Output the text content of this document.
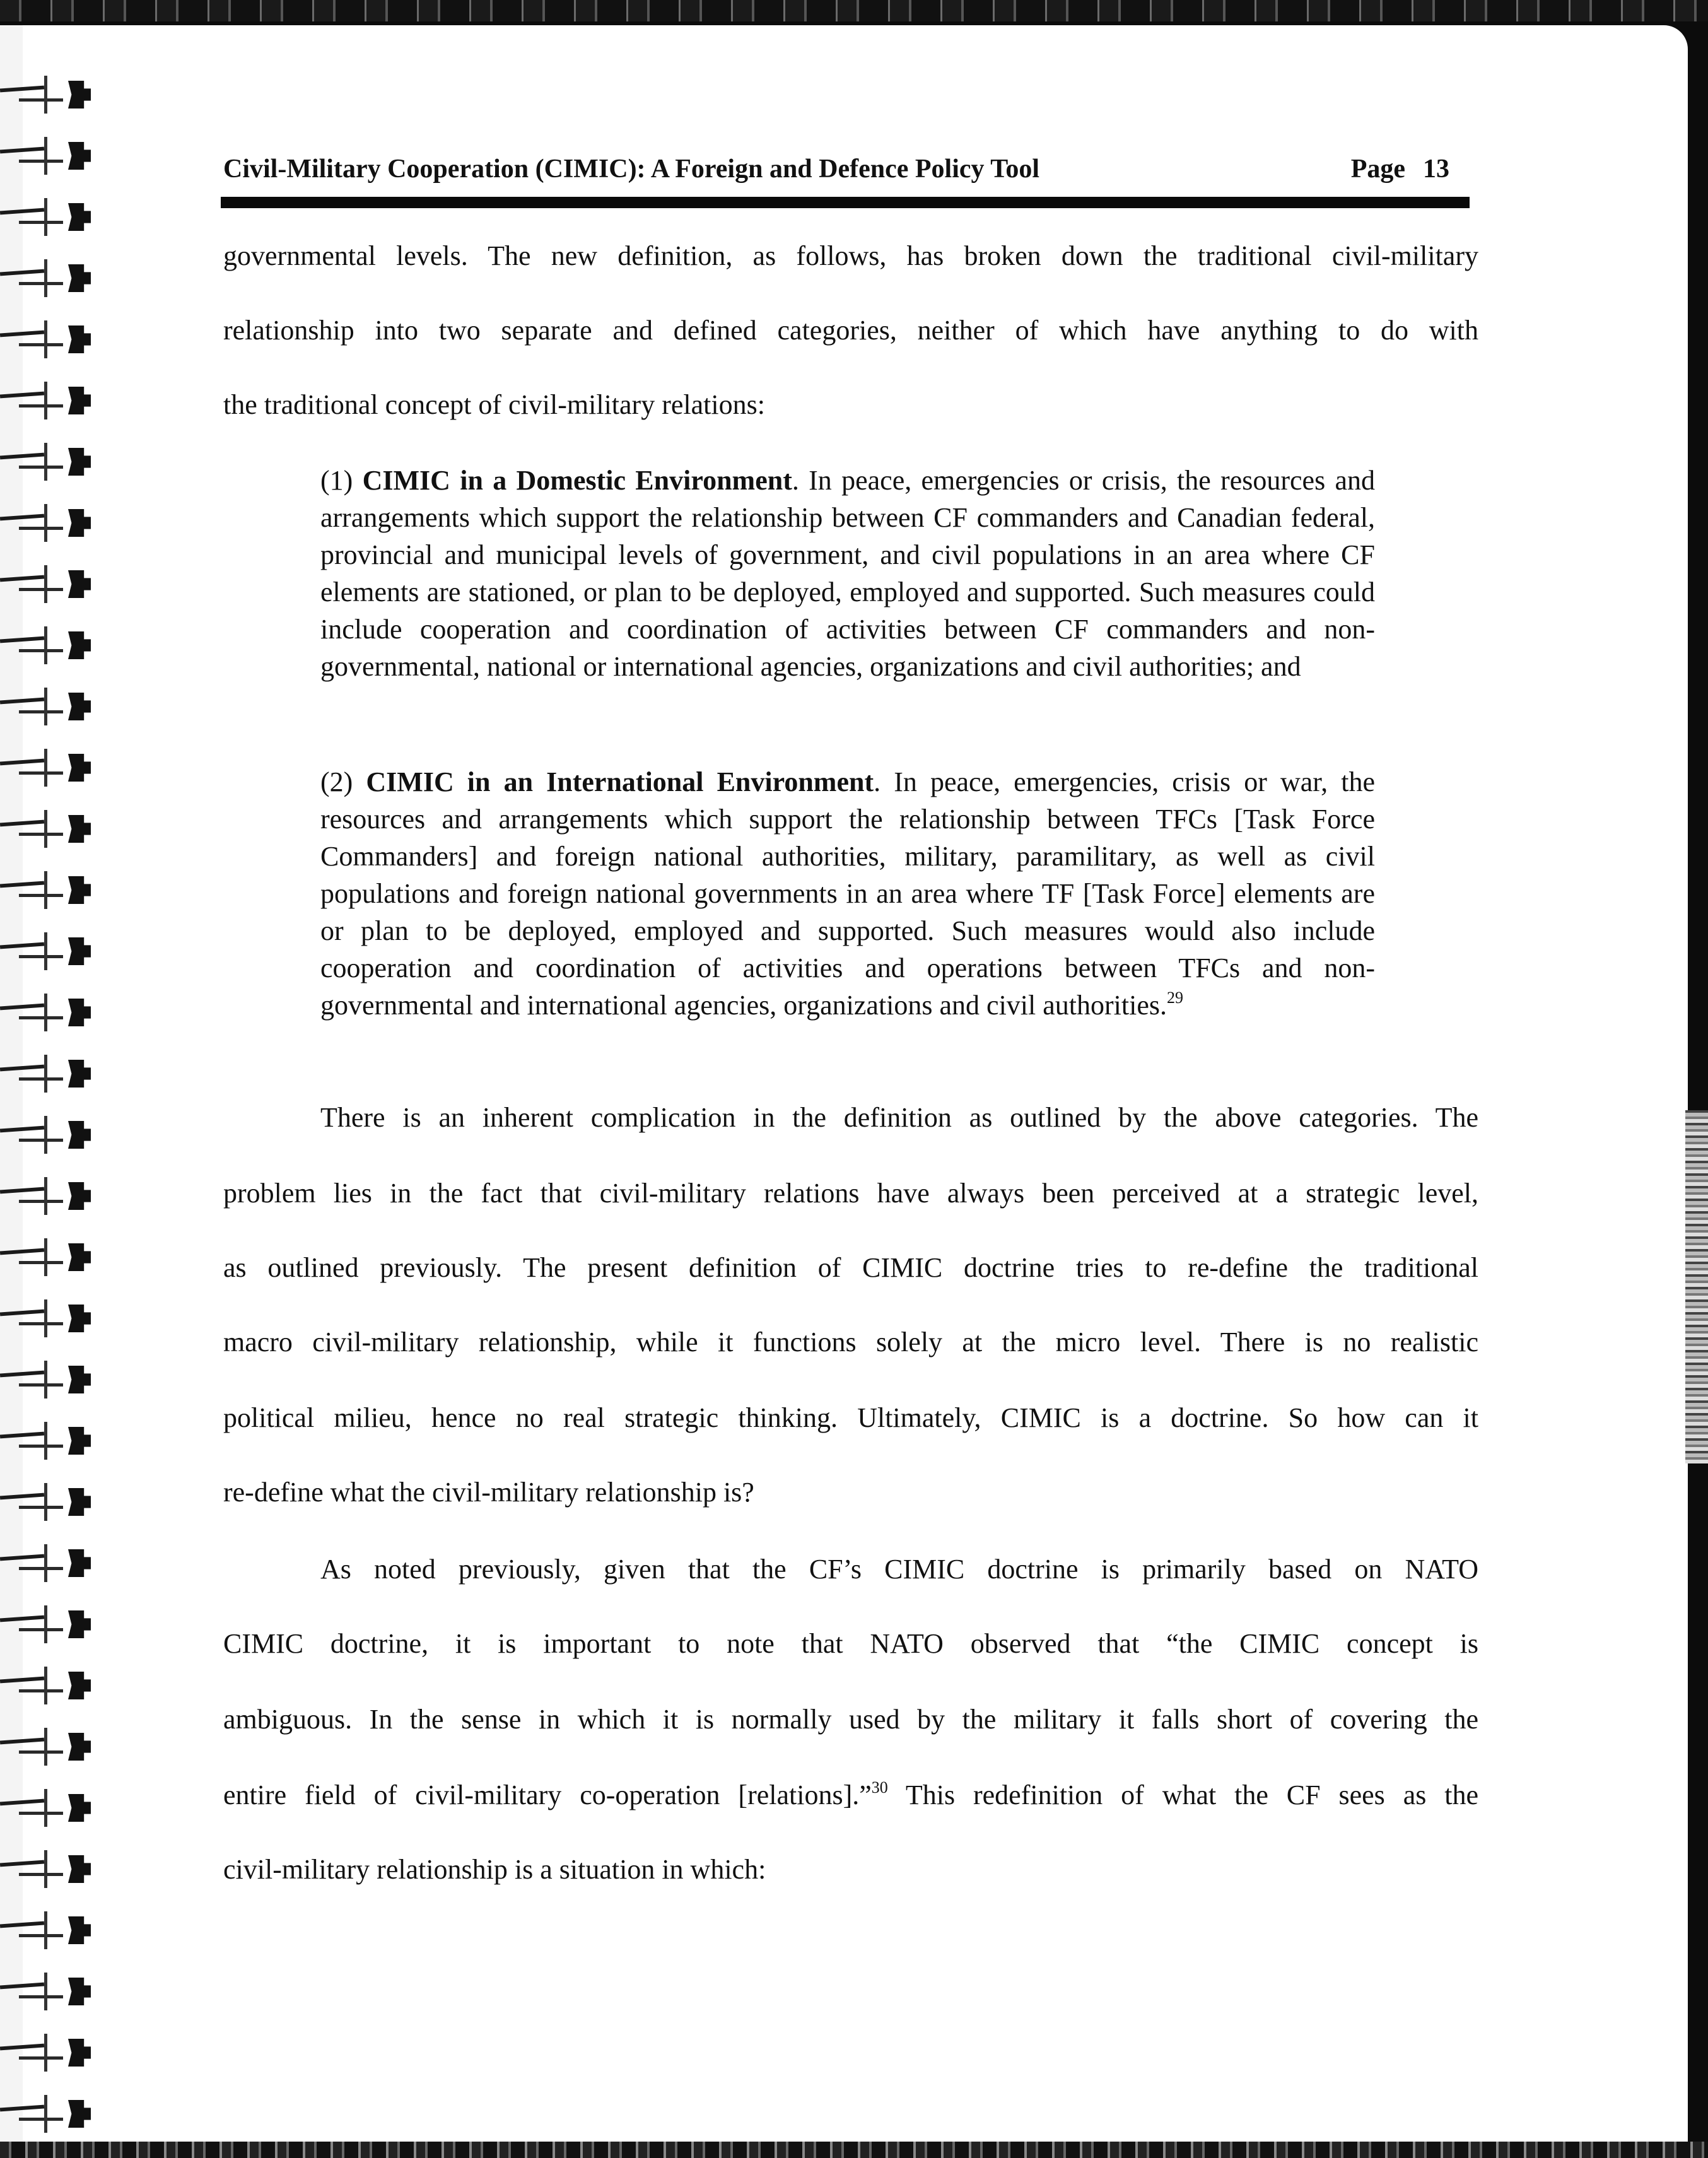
Civil-Military Cooperation (CIMIC): A Foreign and Defence Policy Tool	Page 13
governmental levels. The new definition, as follows, has broken down the traditional civil-military
relationship into two separate and defined categories, neither of which have anything to do with
the traditional concept of civil-military relations:

(1) CIMIC in a Domestic Environment. In peace, emergencies or crisis, the resources and arrangements which support the relationship between CF commanders and Canadian federal, provincial and municipal levels of government, and civil populations in an area where CF elements are stationed, or plan to be deployed, employed and supported. Such measures could include cooperation and coordination of activities between CF commanders and non-governmental, national or international agencies, organizations and civil authorities; and

(2) CIMIC in an International Environment. In peace, emergencies, crisis or war, the resources and arrangements which support the relationship between TFCs [Task Force Commanders] and foreign national authorities, military, paramilitary, as well as civil populations and foreign national governments in an area where TF [Task Force] elements are or plan to be deployed, employed and supported. Such measures would also include cooperation and coordination of activities and operations between TFCs and non-governmental and international agencies, organizations and civil authorities.$^{29}$

There is an inherent complication in the definition as outlined by the above categories. The
problem lies in the fact that civil-military relations have always been perceived at a strategic level,
as outlined previously. The present definition of CIMIC doctrine tries to re-define the traditional
macro civil-military relationship, while it functions solely at the micro level. There is no realistic
political milieu, hence no real strategic thinking. Ultimately, CIMIC is a doctrine. So how can it
re-define what the civil-military relationship is?
As noted previously, given that the CF’s CIMIC doctrine is primarily based on NATO
CIMIC doctrine, it is important to note that NATO observed that “the CIMIC concept is
ambiguous. In the sense in which it is normally used by the military it falls short of covering the
entire field of civil-military co-operation [relations].”$^{30}$ This redefinition of what the CF sees as the
civil-military relationship is a situation in which:
